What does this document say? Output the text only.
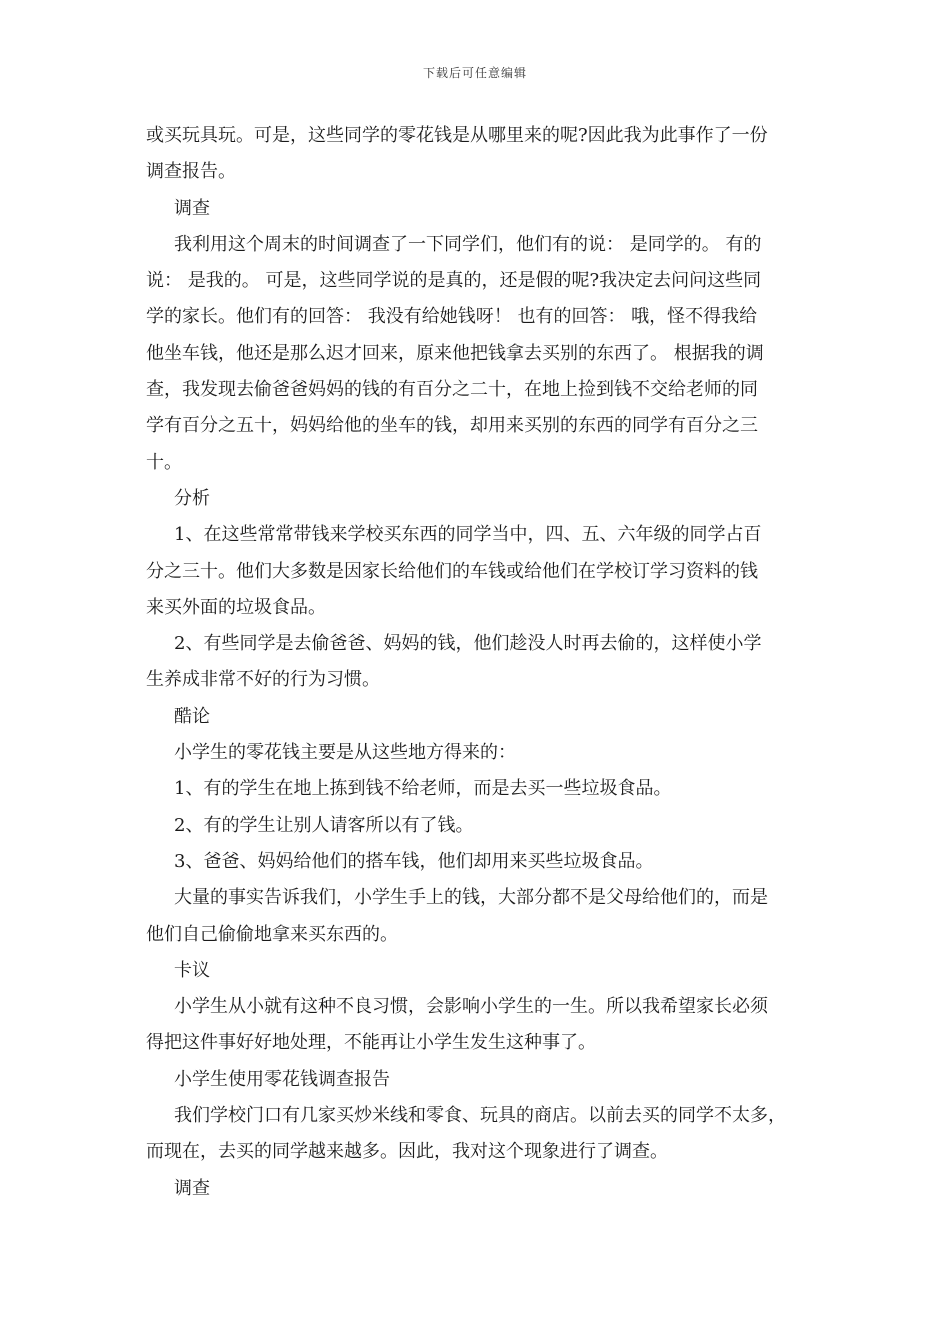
下载后可任意编辑
或买玩具玩。可是，这些同学的零花钱是从哪里来的呢?因此我为此事作了一份
调查报告。
调查
我利用这个周末的时间调查了一下同学们，他们有的说： 是同学的。 有的
说： 是我的。 可是，这些同学说的是真的，还是假的呢?我决定去问问这些同
学的家长。他们有的回答： 我没有给她钱呀！ 也有的回答： 哦，怪不得我给
他坐车钱，他还是那么迟才回来，原来他把钱拿去买别的东西了。 根据我的调
查，我发现去偷爸爸妈妈的钱的有百分之二十，在地上捡到钱不交给老师的同
学有百分之五十，妈妈给他的坐车的钱，却用来买别的东西的同学有百分之三
十。
分析
1、在这些常常带钱来学校买东西的同学当中，四、五、六年级的同学占百
分之三十。他们大多数是因家长给他们的车钱或给他们在学校订学习资料的钱
来买外面的垃圾食品。
2、有些同学是去偷爸爸、妈妈的钱，他们趁没人时再去偷的，这样使小学
生养成非常不好的行为习惯。
酷论
小学生的零花钱主要是从这些地方得来的：
1、有的学生在地上拣到钱不给老师，而是去买一些垃圾食品。
2、有的学生让别人请客所以有了钱。
3、爸爸、妈妈给他们的搭车钱，他们却用来买些垃圾食品。
大量的事实告诉我们，小学生手上的钱，大部分都不是父母给他们的，而是
他们自己偷偷地拿来买东西的。
卡议
小学生从小就有这种不良习惯，会影响小学生的一生。所以我希望家长必须
得把这件事好好地处理，不能再让小学生发生这种事了。
小学生使用零花钱调查报告
我们学校门口有几家买炒米线和零食、玩具的商店。以前去买的同学不太多，
而现在，去买的同学越来越多。因此，我对这个现象进行了调查。
调查
